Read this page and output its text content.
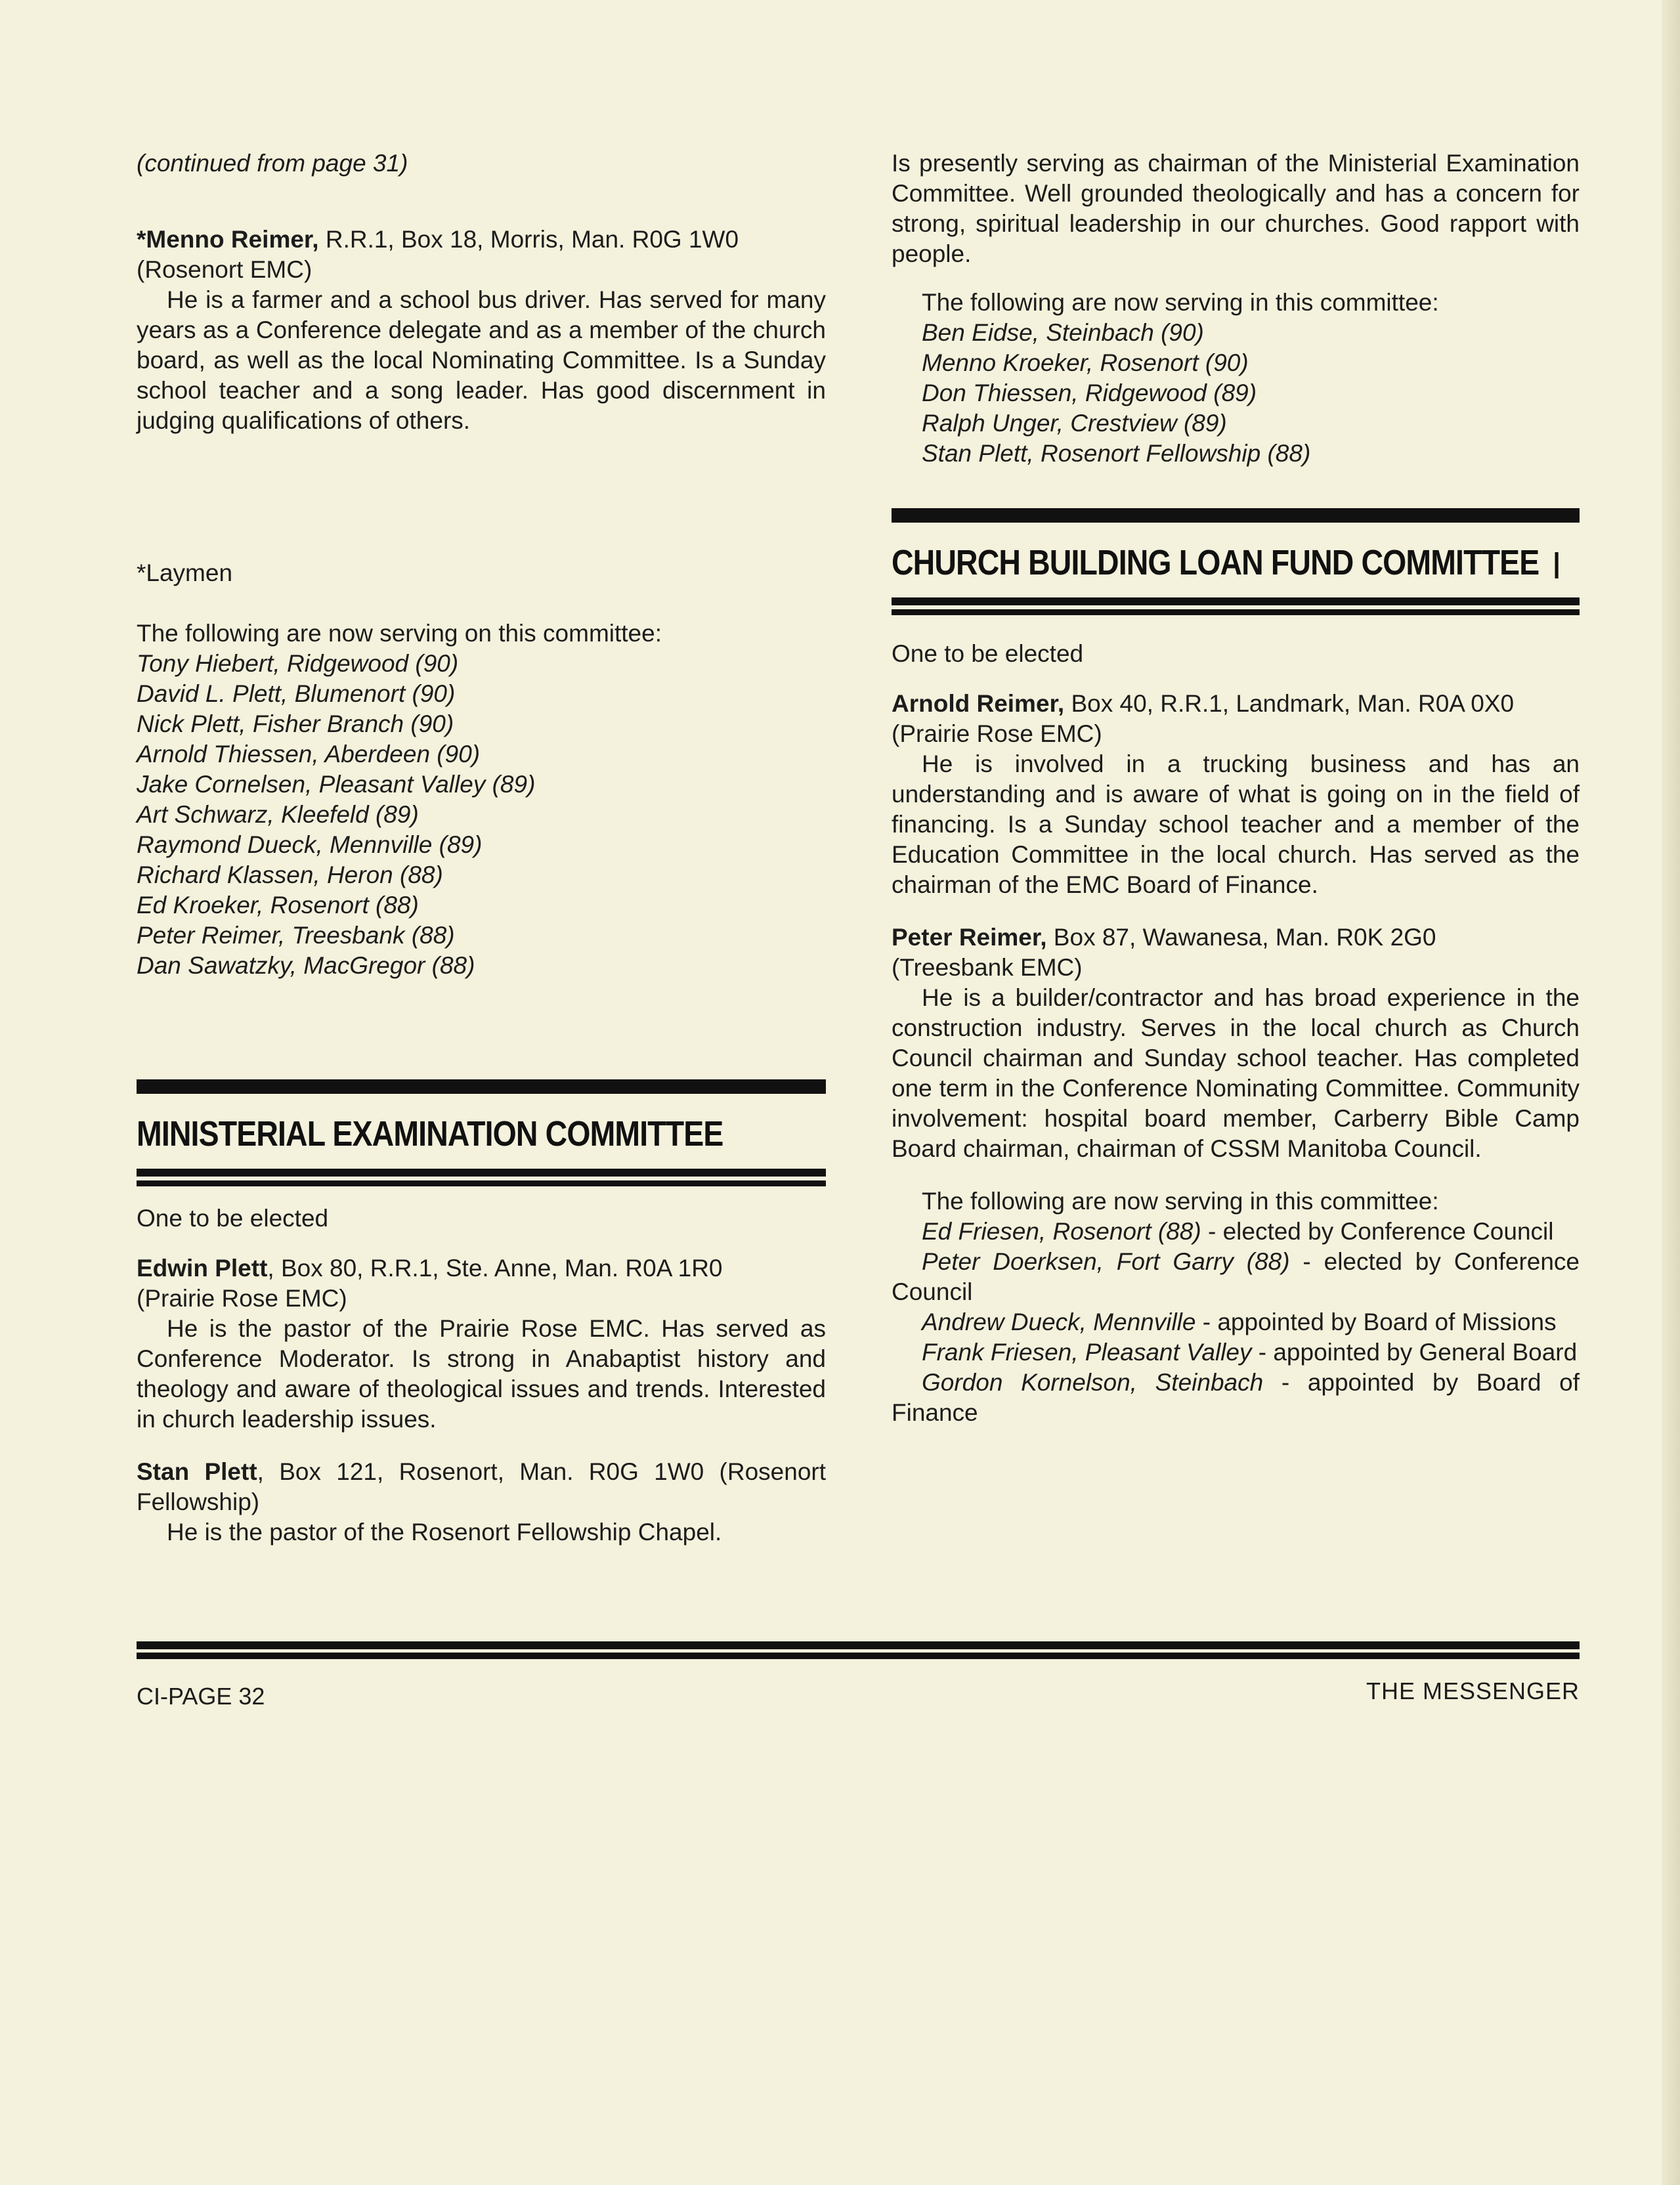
(continued from page 31)

*Menno Reimer, R.R.1, Box 18, Morris, Man. R0G 1W0
(Rosenort EMC)

He is a farmer and a school bus driver. Has served for many years as a Conference delegate and as a member of the church board, as well as the local Nominating Committee. Is a Sunday school teacher and a song leader. Has good discernment in judging qualifications of others.

*Laymen

The following are now serving on this committee:

Tony Hiebert, Ridgewood (90)
David L. Plett, Blumenort (90)
Nick Plett, Fisher Branch (90)
Arnold Thiessen, Aberdeen (90)
Jake Cornelsen, Pleasant Valley (89)
Art Schwarz, Kleefeld (89)
Raymond Dueck, Mennville (89)
Richard Klassen, Heron (88)
Ed Kroeker, Rosenort (88)
Peter Reimer, Treesbank (88)
Dan Sawatzky, MacGregor (88)
MINISTERIAL EXAMINATION COMMITTEE

One to be elected

Edwin Plett, Box 80, R.R.1, Ste. Anne, Man. R0A 1R0
(Prairie Rose EMC)

He is the pastor of the Prairie Rose EMC. Has served as Conference Moderator. Is strong in Anabaptist history and theology and aware of theological issues and trends. Interested in church leadership issues.

Stan Plett, Box 121, Rosenort, Man. R0G 1W0 (Rosenort Fellowship)

He is the pastor of the Rosenort Fellowship Chapel.

Is presently serving as chairman of the Ministerial Examination Committee. Well grounded theologically and has a concern for strong, spiritual leadership in our churches. Good rapport with people.

The following are now serving in this committee:

Ben Eidse, Steinbach (90)
Menno Kroeker, Rosenort (90)
Don Thiessen, Ridgewood (89)
Ralph Unger, Crestview (89)
Stan Plett, Rosenort Fellowship (88)
CHURCH BUILDING LOAN FUND COMMITTEE

One to be elected

Arnold Reimer, Box 40, R.R.1, Landmark, Man. R0A 0X0
(Prairie Rose EMC)

He is involved in a trucking business and has an understanding and is aware of what is going on in the field of financing. Is a Sunday school teacher and a member of the Education Committee in the local church. Has served as the chairman of the EMC Board of Finance.

Peter Reimer, Box 87, Wawanesa, Man. R0K 2G0
(Treesbank EMC)

He is a builder/contractor and has broad experience in the construction industry. Serves in the local church as Church Council chairman and Sunday school teacher. Has completed one term in the Conference Nominating Committee. Community involvement: hospital board member, Carberry Bible Camp Board chairman, chairman of CSSM Manitoba Council.

The following are now serving in this committee:

Ed Friesen, Rosenort (88) - elected by Conference Council

Peter Doerksen, Fort Garry (88) - elected by Conference Council

Andrew Dueck, Mennville - appointed by Board of Missions

Frank Friesen, Pleasant Valley - appointed by General Board

Gordon Kornelson, Steinbach - appointed by Board of Finance

CI-PAGE 32	THE MESSENGER
